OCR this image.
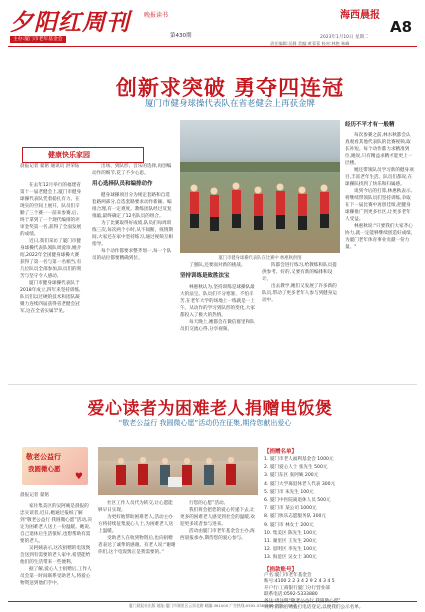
夕阳红周刊
主办:厦门市老年基金会
晚报读书
第430期
海西晨报
A8
2023年1月10日 星期二
责任编辑:吴静 美编:黄蓉蓉 校对:林艳 林峰
创新求突破 勇夺四连冠
厦门市健身球操代表队在省老健会上再获金牌
健康快乐家园
晨报记者 翟铭 通讯员 洪荣钻

在去年12月举行的福建省第十一届老健会上,厦门市健身球操代表队凭着稳扎有力、在现实的空间上展开、队员们辛勤了三个赛一一前来参赛,后,终于拿到了一个现代编排的评审金奖第一名,获得了全面发展的成绩。

近日,我们采访了厦门市健身球操代表队领队周爱珍,她介绍,2022年全国健身球操大赛获得了第一名与第一名相当,有几位队员全部参加,队员们的刻苦与坚守令人感动。

厦门市健身球操代表队于2018年成立,四年来坚持训练,队员们以过硬的技术和团队凝聚力连续四届获得省老健会冠军,这在全省实属罕见。

出场、到队形、音乐的选择,再创编动作的细节,花了不少心思。

用心选择队员和编排动作

健身球操项目分为规定套路和自选套路两部分,自选套路要求动作新颖、编排合理,有一定难度。教练团队经过反复推敲,最终确定了12名队员的组合。

为了比赛取得好成绩,队员们每周训练三次,每次两个小时,从不间断。疫情期间,大家还在家中坚持练习,通过视频互相指导。

每个动作都要求整齐划一,每一个队员的站位都要精确到位。	厦门市健身球操代表队在比赛中 林惠秋供图

了强队,还要面对新的挑战。

坚持训练是致胜法宝

林惠秋认为,坚持训练是球操队最大的法宝。队员们不分寒暑、不怕辛苦,在老年大学的场地上一练就是一上午。从动作的学习到队形的变化,大家都投入了极大的热情。

每天晚上,她都会在微信群里和队员们交流心得,分享视频。

阵都会进行练习,给教练和队员提供参考。好的,又要有新的编排和设计。

出去教学,她们又发展了许多新的队员,带动了更多老年人参与到健身运动中。

经历不平才有一般精

每次参赛之前,林水秋都会认真观看其他代表队的比赛视频,取长补短。每个动作都力求精准到位,她说,只有精益求精才能更上一层楼。

她还带领队员学习新的健身项目,丰富老年生活。队员们都说,在球操队找到了快乐和归属感。

谈到今后的打算,林惠秋表示,将继续带领队员们坚持训练,争取在下一届比赛中再创佳绩,把健身球操推广到更多社区,让更多老年人受益。

林惠秋说:"只要我们大家齐心协力,就一定能够继续创造好成绩,为厦门老年体育事业贡献一份力量。"

爱心读者为困难老人捐赠电饭煲
“敬老公益行 我圆微心愿”活动仍在征集,期待您献出爱心
敬老公益行
我圆微心愿
♥
晨报记者 翟铭

家住集美区的吴阿姨是晨报的忠实读者,近日,她通过报纸了解到“敬老公益行 我圆微心愿”活动,决定为困难老人送上一份温暖。她说,自己退休后生活很好,也想帮助有需要的老人。

吴阿姨表示,这次捐赠的电饭煲会送到有需要的老人家中,希望能给他们的生活带来一些便利。

据了解,爱心人士捐赠后,工作人员会第一时间联系受助老人,将爱心物资送到他们手中。

社区工作人员代为转交,让心愿能够早日实现。

为更好地帮助困难老人,活动主办方将持续征集爱心人士,为困难老人送上温暖。

受助老人在收到物资后,也向捐赠者表达了诚挚的感谢。有老人说:“谢谢你们,这个电饭煲正是我需要的。”

行您的心愿”活动。

我们将会把您的爱心传递下去,让更多的困难老人感受到社会的温暖,欢迎更多读者参与进来。

活动由厦门市老年基金会主办,海西晨报承办,期待您的爱心参与。

【捐赠名单】
1. 厦门市老人福利基金会 1000元
2. 厦门爱心人士 张先生 500元
3. 厦门东区 张阿姨 200元
4. 厦门大学离退休老人代表 300元
5. 厦门市 朱先生 100元
6. 厦门中医院离退休人员 500元
7. 厦门市 某公司 1000元
8. 厦门快乐志愿服务队 300元
9. 厦门市 林女士 200元
10. 集美区 陈先生 100元
11. 湖里区 王先生 200元
12. 思明区 李先生 100元
13. 海沧区 吴女士 300元
【捐款账号】
户名:厦门市老年基金会
账号:4100 2 2 3 4 2 9 2 4 3 4 5
开户行:工商银行厦门分行营业部
联系电话:0592-5333880
说明:捐款后请拨打电话登记,以便我们公示名单。
厦门晨报社出版 地址:厦门市湖里区云顶北路 邮编:361000 广告热线:0592-5380000 定价:1.50元
